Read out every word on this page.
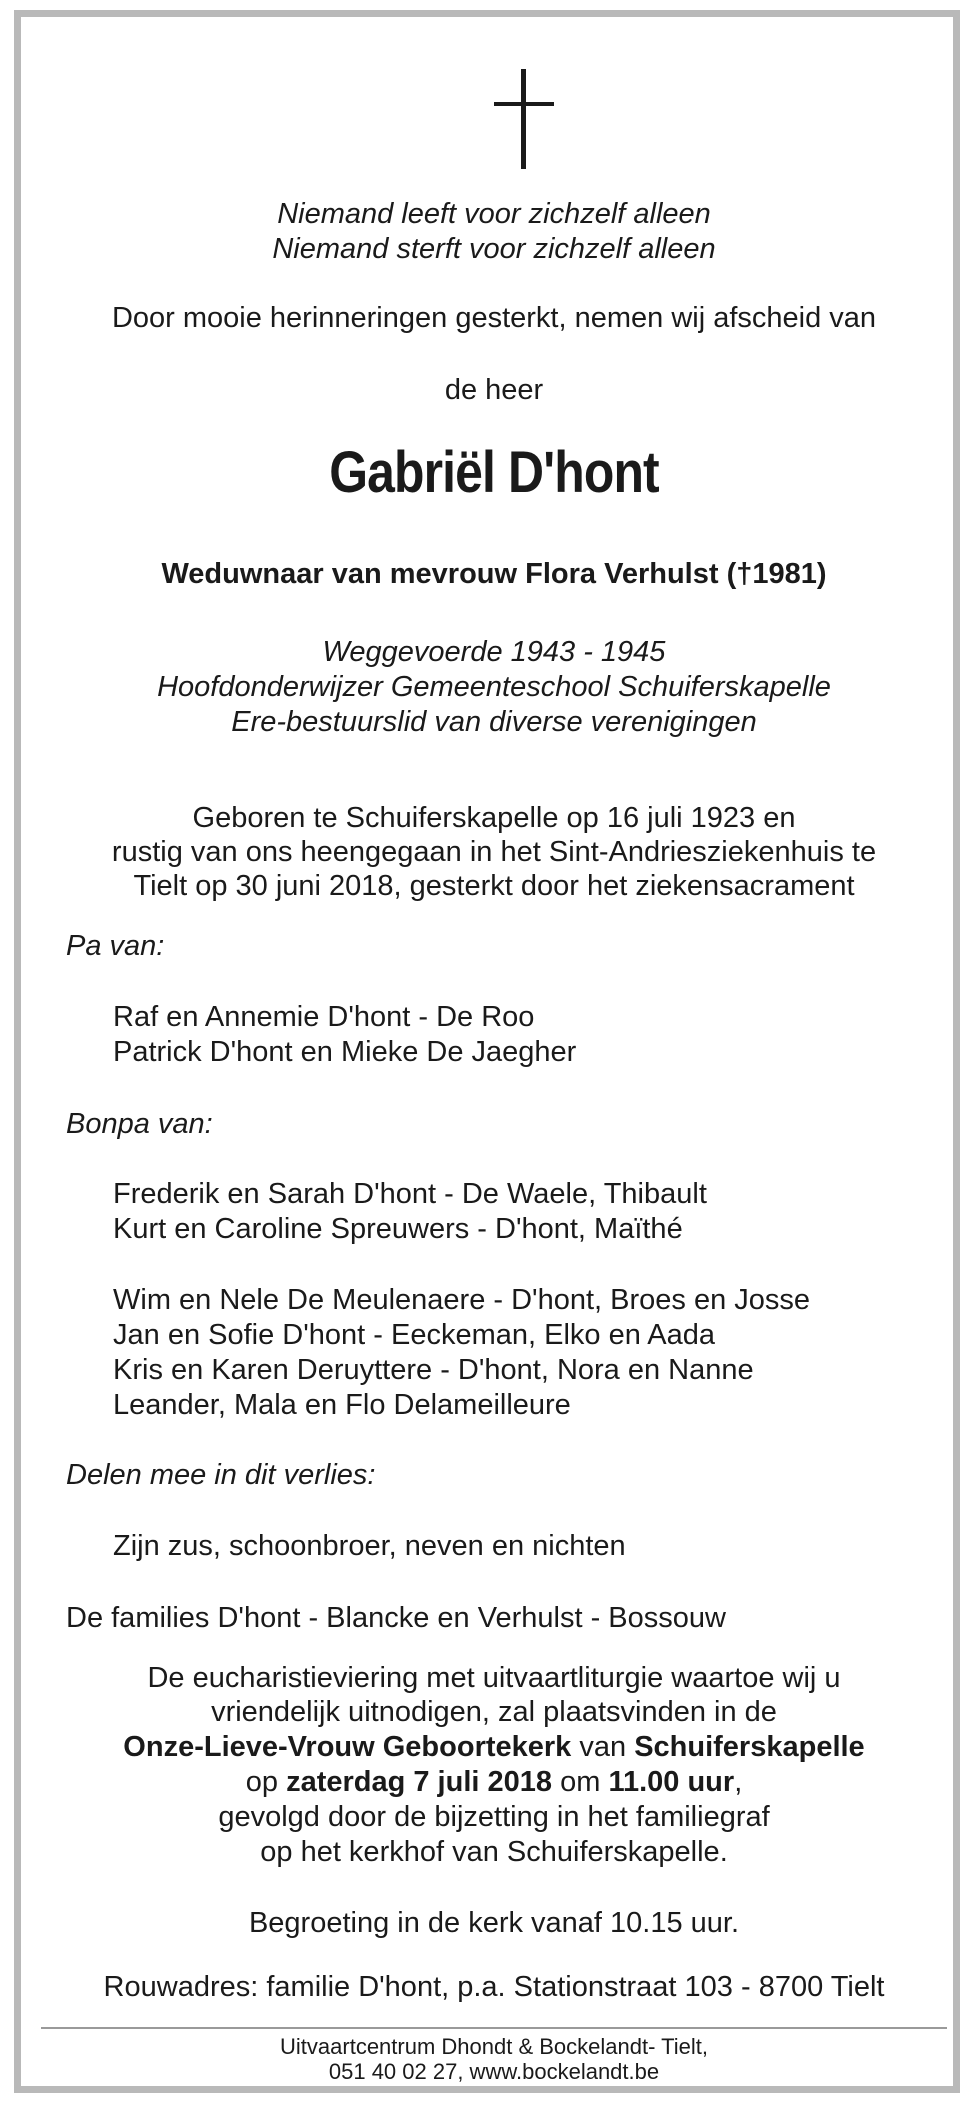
Niemand leeft voor zichzelf alleen
Niemand sterft voor zichzelf alleen
Door mooie herinneringen gesterkt, nemen wij afscheid van
de heer
Gabriël D'hont
Weduwnaar van mevrouw Flora Verhulst (†1981)
Weggevoerde 1943 - 1945
Hoofdonderwijzer Gemeenteschool Schuiferskapelle
Ere-bestuurslid van diverse verenigingen
Geboren te Schuiferskapelle op 16 juli 1923 en
rustig van ons heengegaan in het Sint-Andriesziekenhuis te
Tielt op 30 juni 2018, gesterkt door het ziekensacrament
Pa van:
Raf en Annemie D'hont - De Roo
Patrick D'hont en Mieke De Jaegher
Bonpa van:
Frederik en Sarah D'hont - De Waele, Thibault
Kurt en Caroline Spreuwers - D'hont, Maïthé
Wim en Nele De Meulenaere - D'hont, Broes en Josse
Jan en Sofie D'hont - Eeckeman, Elko en Aada
Kris en Karen Deruyttere - D'hont, Nora en Nanne
Leander, Mala en Flo Delameilleure
Delen mee in dit verlies:
Zijn zus, schoonbroer, neven en nichten
De families D'hont - Blancke en Verhulst - Bossouw
De eucharistieviering met uitvaartliturgie waartoe wij u
vriendelijk uitnodigen, zal plaatsvinden in de
Onze-Lieve-Vrouw Geboortekerk van Schuiferskapelle
op zaterdag 7 juli 2018 om 11.00 uur,
gevolgd door de bijzetting in het familiegraf
op het kerkhof van Schuiferskapelle.
Begroeting in de kerk vanaf 10.15 uur.
Rouwadres: familie D'hont, p.a. Stationstraat 103 - 8700 Tielt
Uitvaartcentrum Dhondt & Bockelandt- Tielt,
051 40 02 27, www.bockelandt.be
